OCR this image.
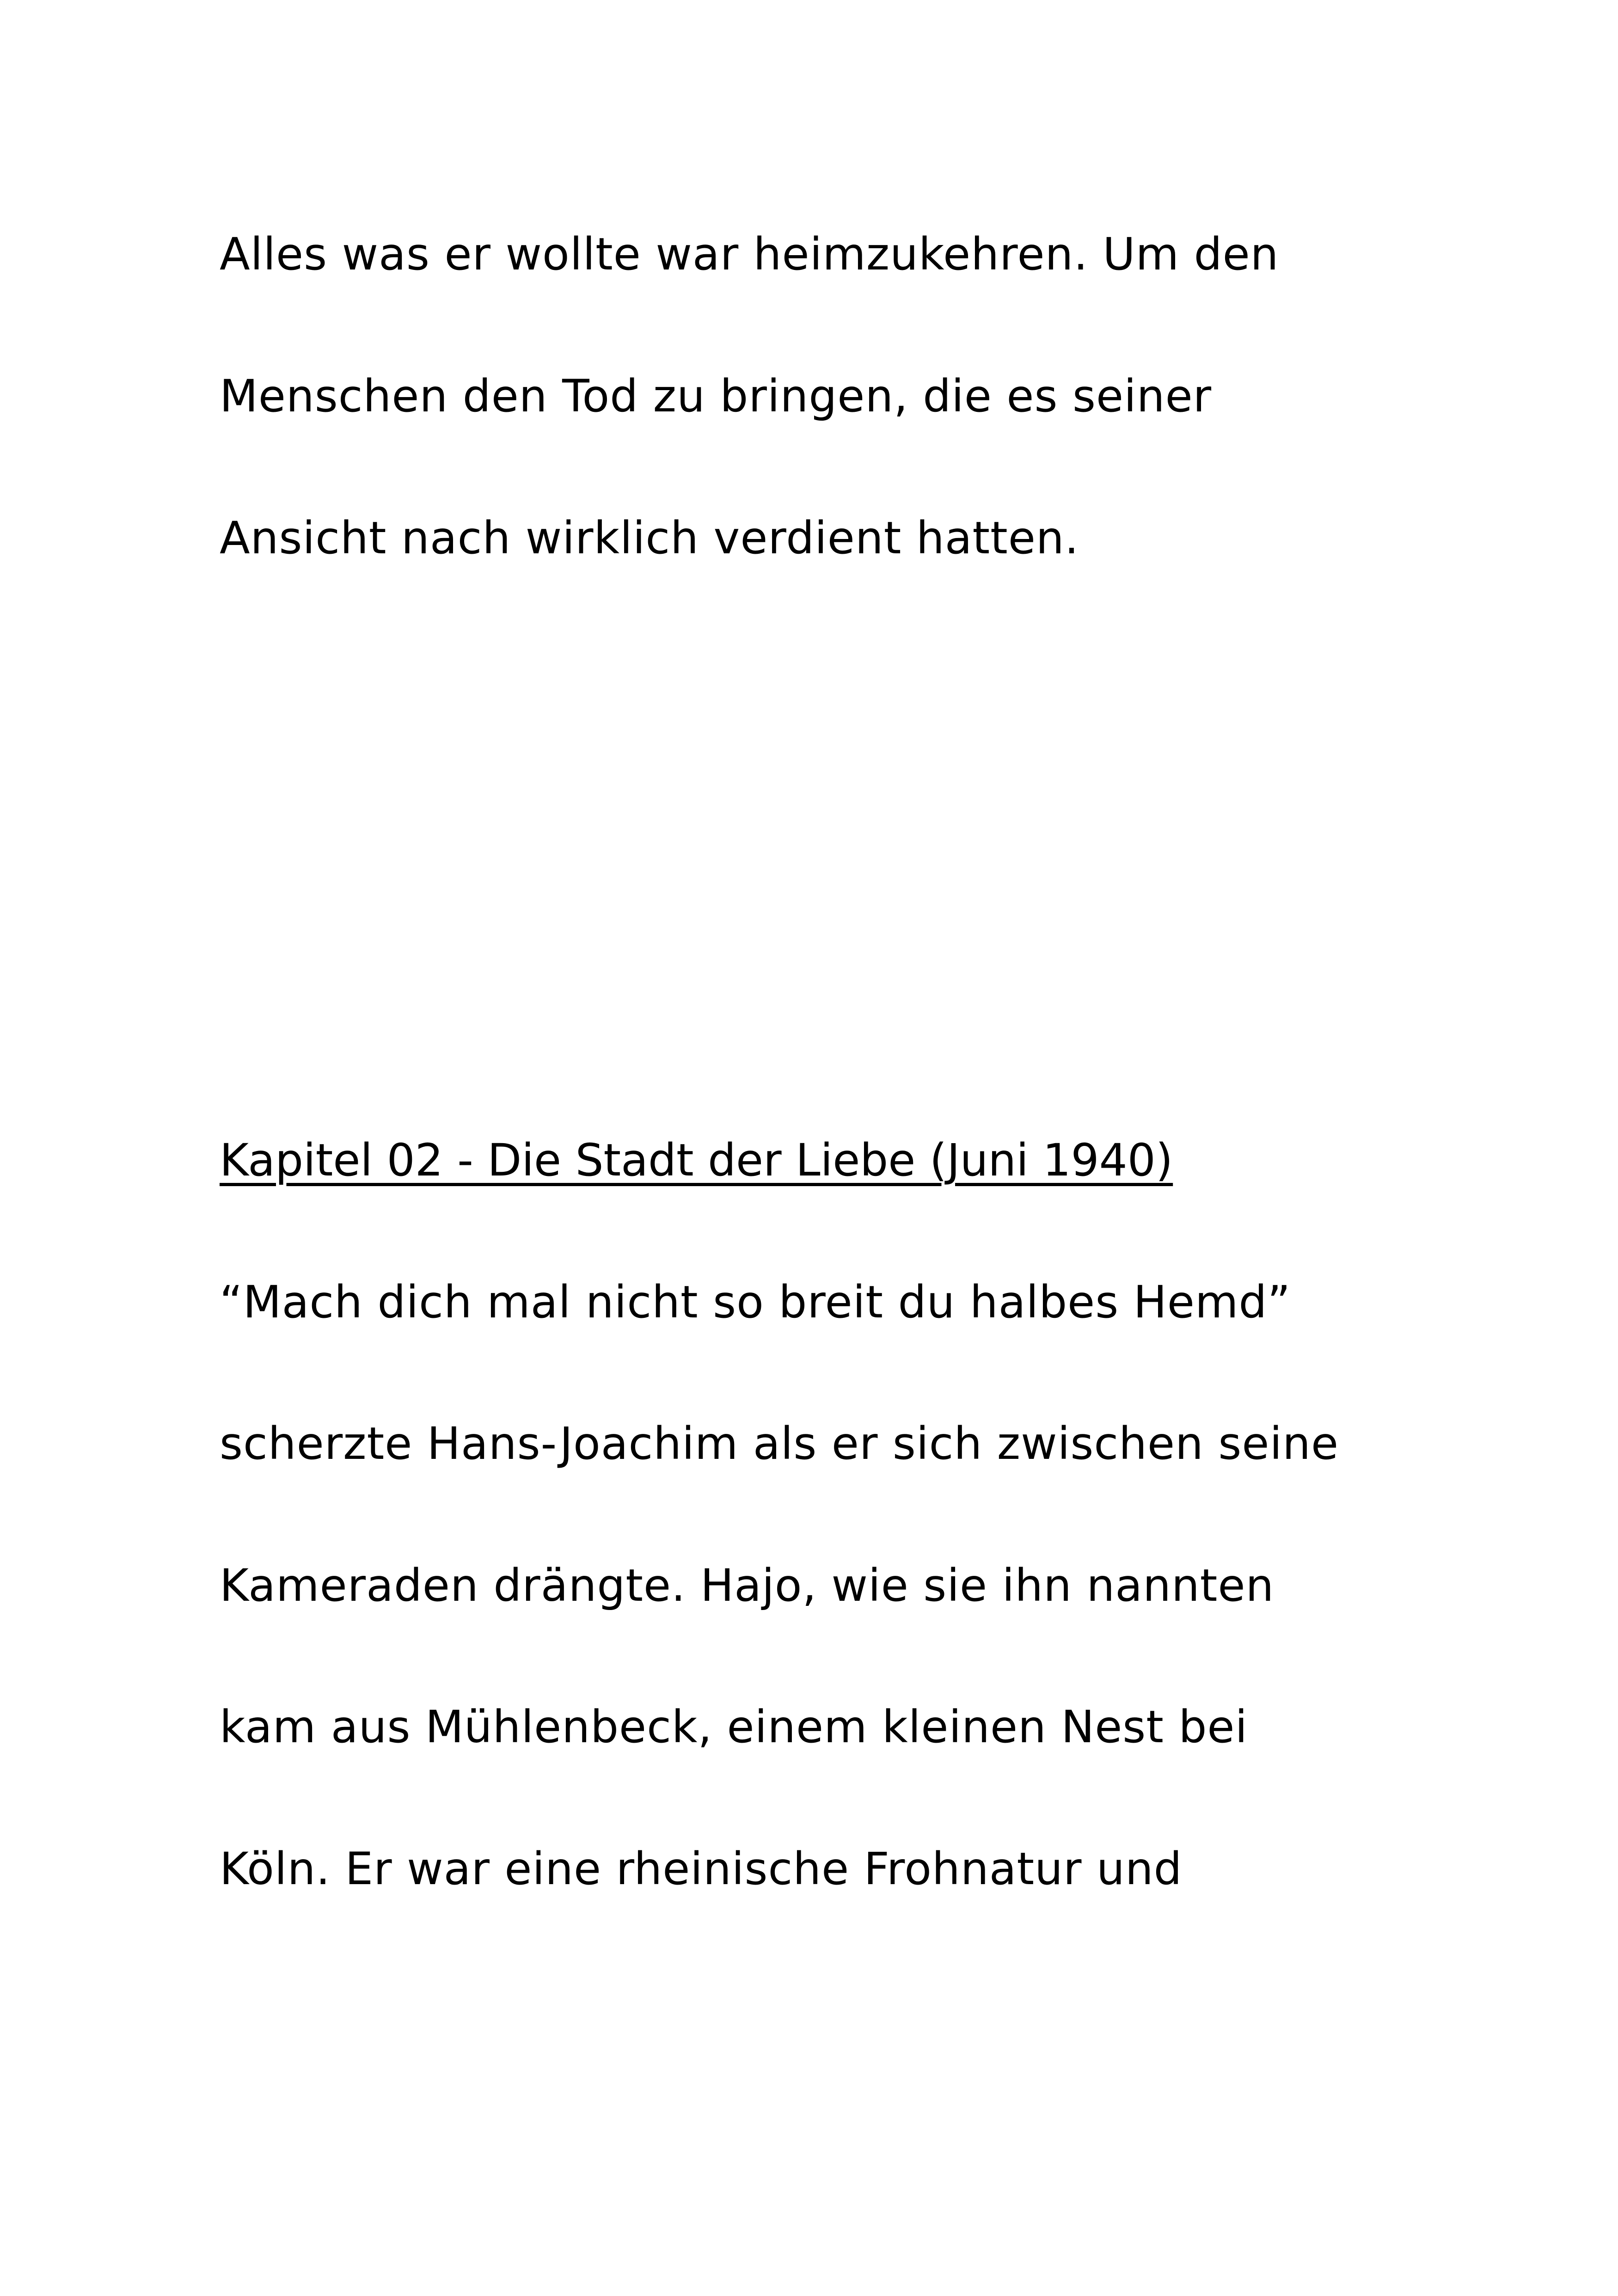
Alles was er wollte war heimzukehren. Um den
Menschen den Tod zu bringen, die es seiner
Ansicht nach wirklich verdient hatten.
Kapitel 02 - Die Stadt der Liebe (Juni 1940)
“Mach dich mal nicht so breit du halbes Hemd”
scherzte Hans-Joachim als er sich zwischen seine
Kameraden drängte. Hajo, wie sie ihn nannten
kam aus Mühlenbeck, einem kleinen Nest bei
Köln. Er war eine rheinische Frohnatur und
